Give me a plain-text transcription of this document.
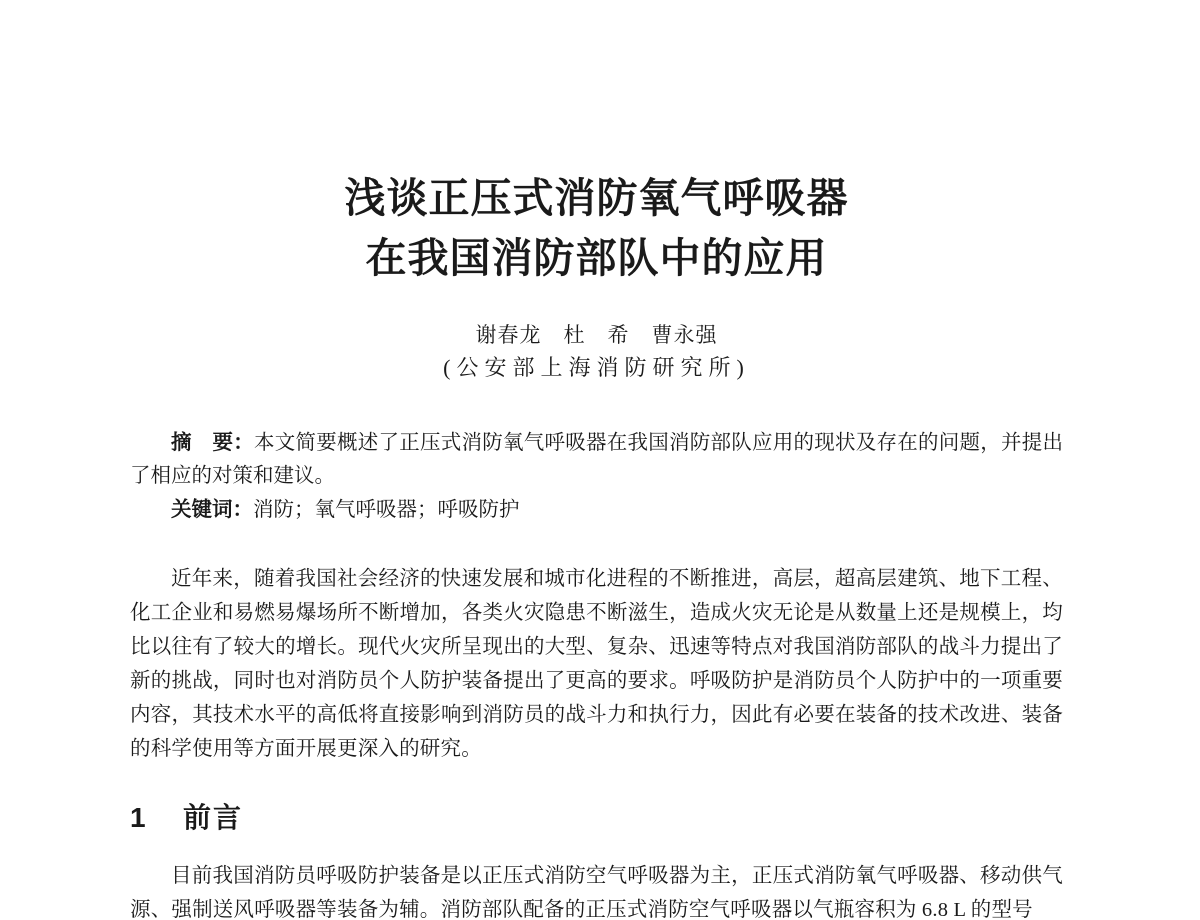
浅谈正压式消防氧气呼吸器
在我国消防部队中的应用
谢春龙　杜　希　曹永强
(公安部上海消防研究所)

摘　要：本文简要概述了正压式消防氧气呼吸器在我国消防部队应用的现状及存在的问题，并提出了相应的对策和建议。

关键词：消防；氧气呼吸器；呼吸防护

近年来，随着我国社会经济的快速发展和城市化进程的不断推进，高层，超高层建筑、地下工程、化工企业和易燃易爆场所不断增加，各类火灾隐患不断滋生，造成火灾无论是从数量上还是规模上，均比以往有了较大的增长。现代火灾所呈现出的大型、复杂、迅速等特点对我国消防部队的战斗力提出了新的挑战，同时也对消防员个人防护装备提出了更高的要求。呼吸防护是消防员个人防护中的一项重要内容，其技术水平的高低将直接影响到消防员的战斗力和执行力，因此有必要在装备的技术改进、装备的科学使用等方面开展更深入的研究。

1 前言

目前我国消防员呼吸防护装备是以正压式消防空气呼吸器为主，正压式消防氧气呼吸器、移动供气源、强制送风呼吸器等装备为辅。消防部队配备的正压式消防空气呼吸器以气瓶容积为 6.8 L 的型号
